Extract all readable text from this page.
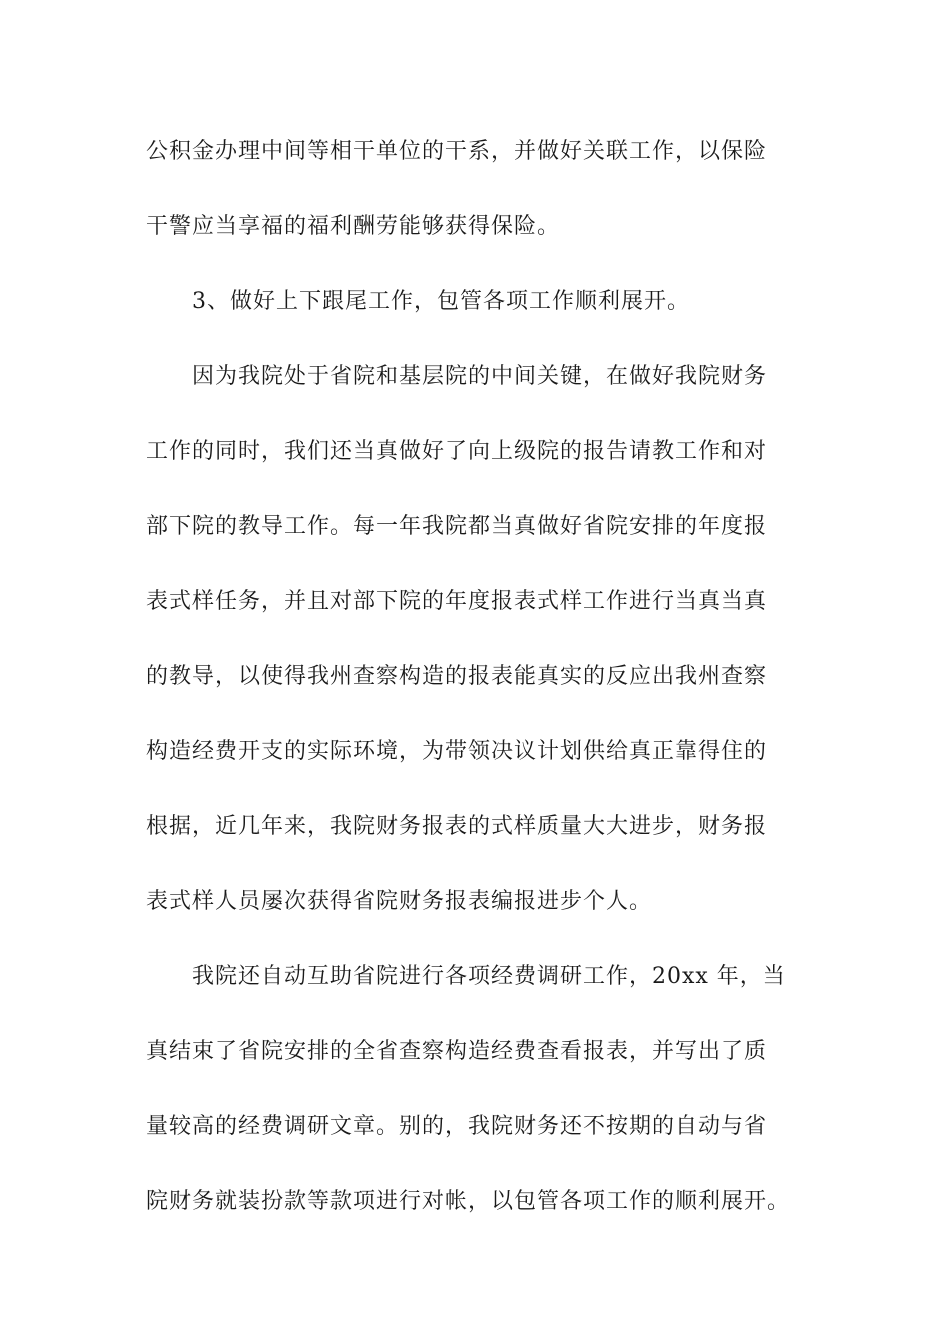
公积金办理中间等相干单位的干系，并做好关联工作，以保险
干警应当享福的福利酬劳能够获得保险。
3、做好上下跟尾工作，包管各项工作顺利展开。
因为我院处于省院和基层院的中间关键，在做好我院财务
工作的同时，我们还当真做好了向上级院的报告请教工作和对
部下院的教导工作。每一年我院都当真做好省院安排的年度报
表式样任务，并且对部下院的年度报表式样工作进行当真当真
的教导，以使得我州查察构造的报表能真实的反应出我州查察
构造经费开支的实际环境，为带领决议计划供给真正靠得住的
根据，近几年来，我院财务报表的式样质量大大进步，财务报
表式样人员屡次获得省院财务报表编报进步个人。
我院还自动互助省院进行各项经费调研工作，20xx 年，当
真结束了省院安排的全省查察构造经费查看报表，并写出了质
量较高的经费调研文章。别的，我院财务还不按期的自动与省
院财务就装扮款等款项进行对帐，以包管各项工作的顺利展开。
